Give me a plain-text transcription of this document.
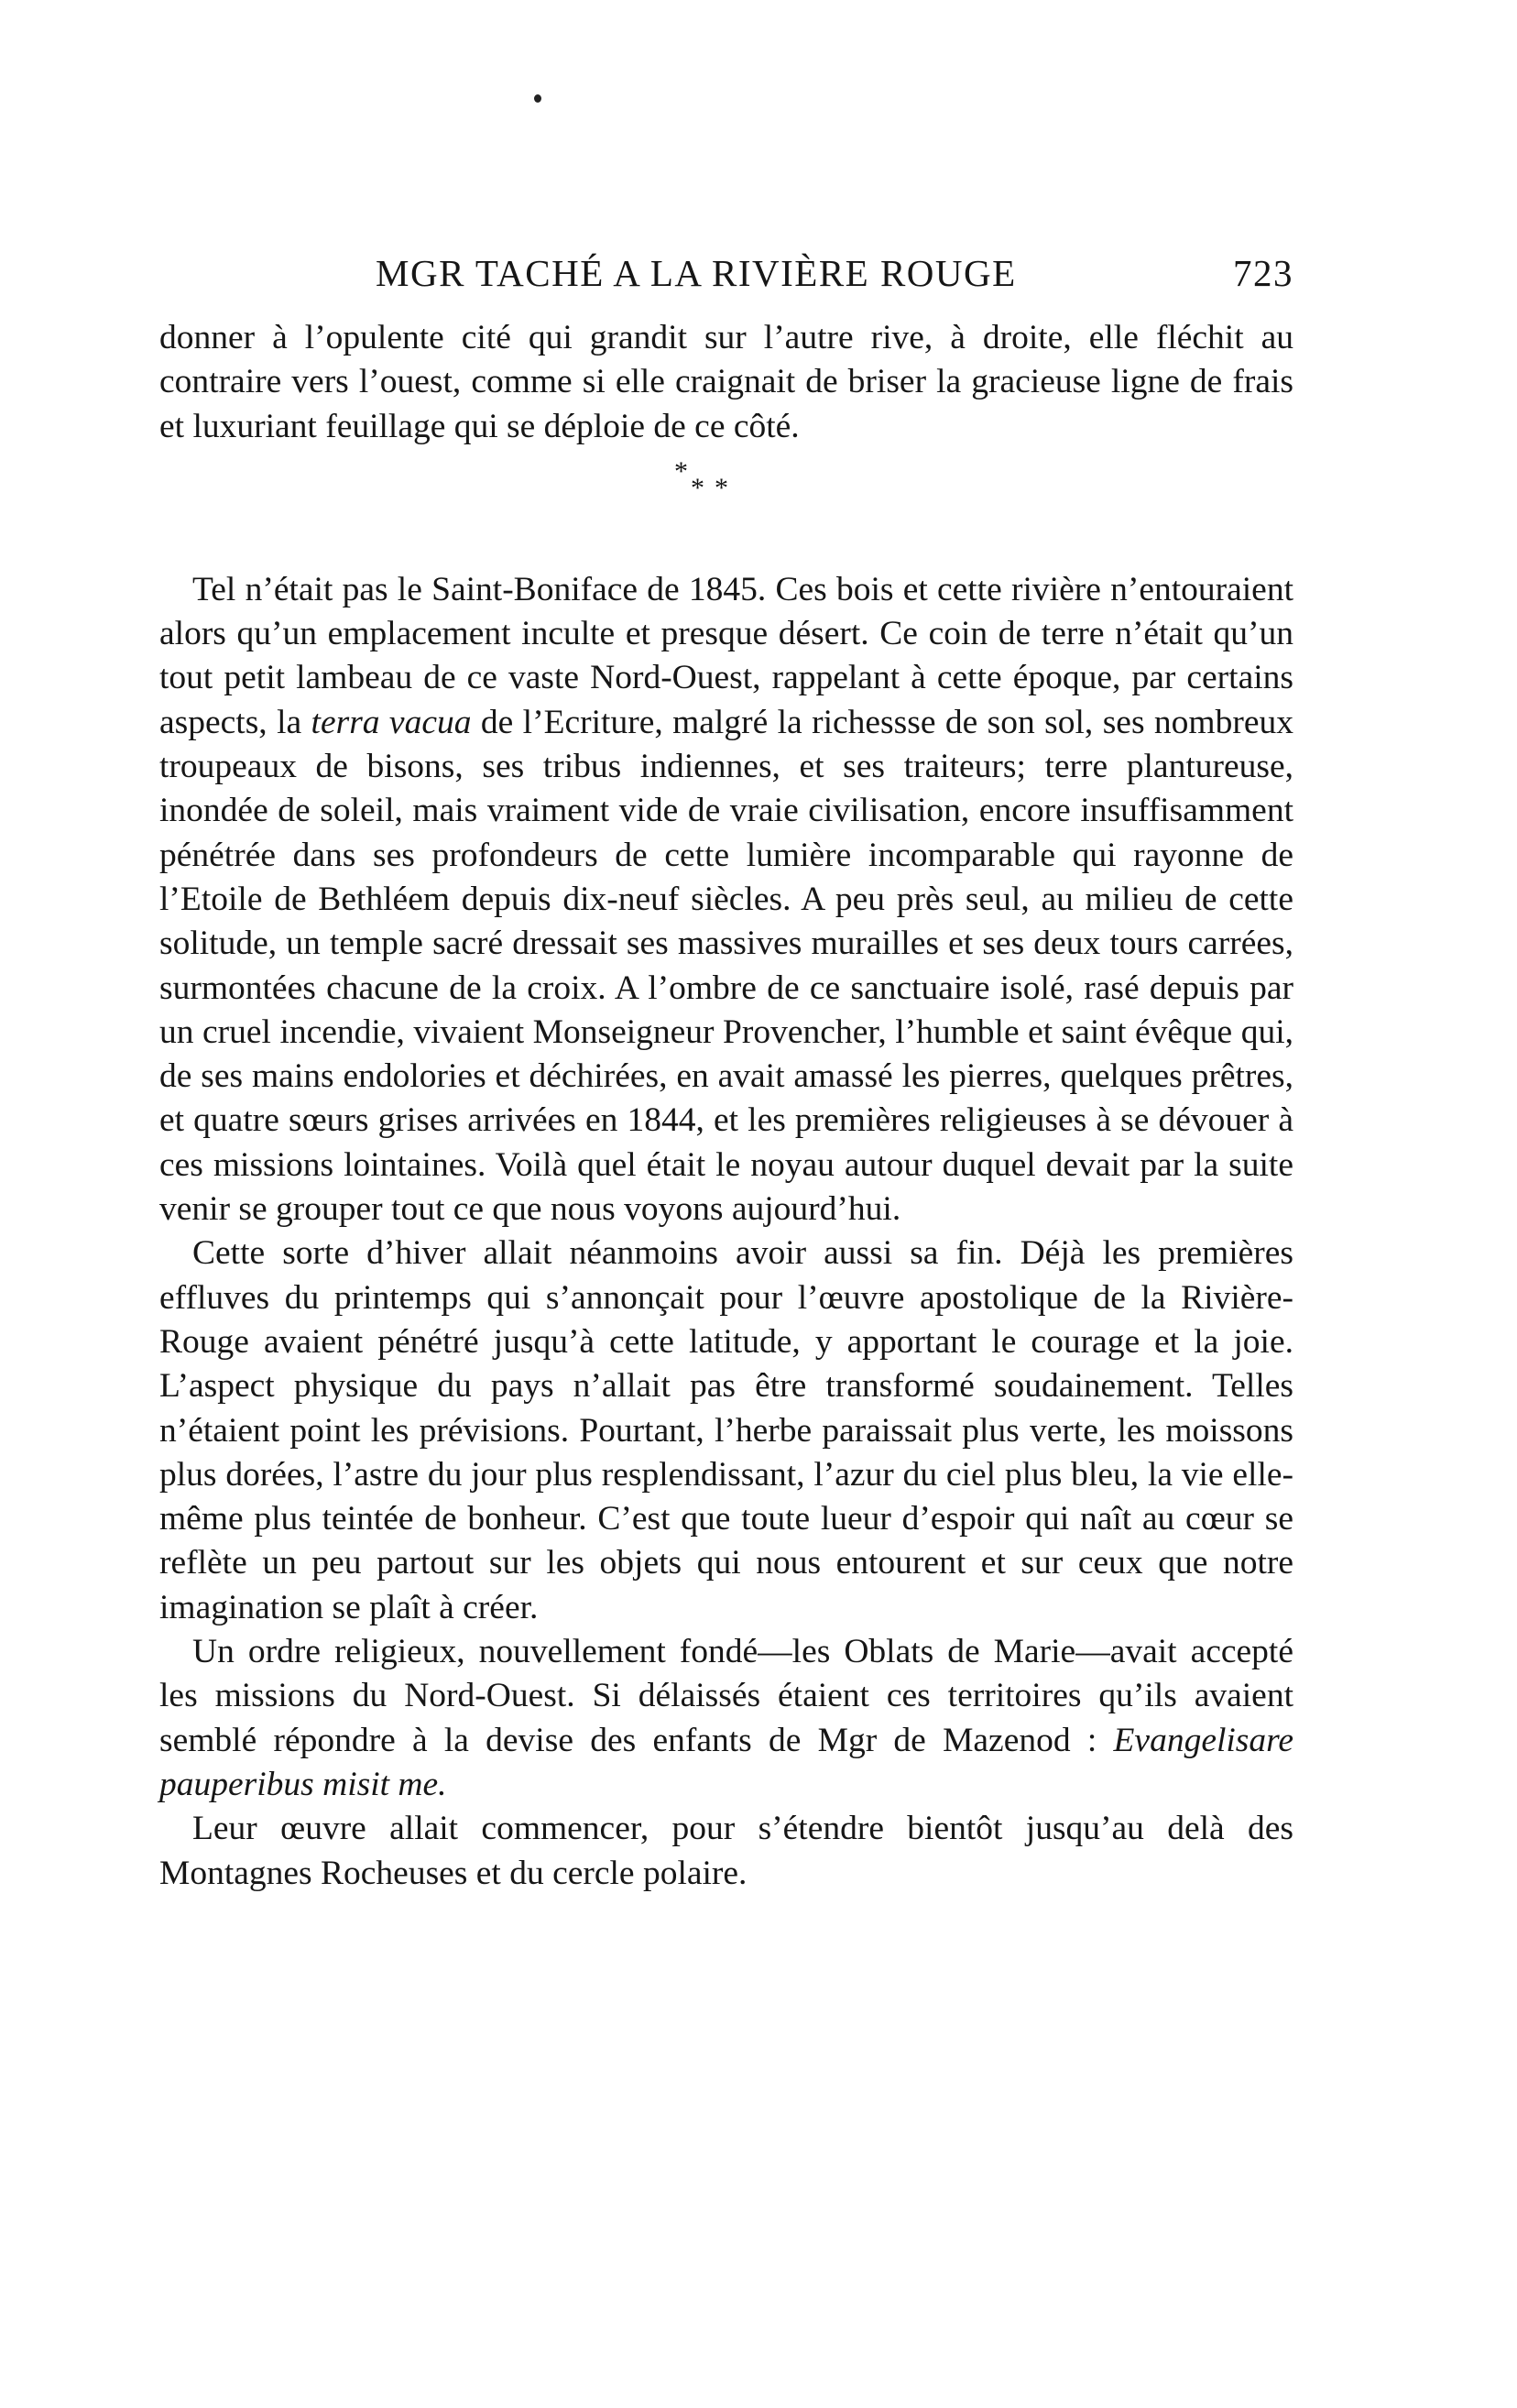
MGR TACHÉ A LA RIVIÈRE ROUGE	723

donner à l’opulente cité qui grandit sur l’autre rive, à droite, elle fléchit au contraire vers l’ouest, comme si elle craignait de briser la gracieuse ligne de frais et luxuriant feuillage qui se déploie de ce côté.

*
* *

Tel n’était pas le Saint-Boniface de 1845. Ces bois et cette rivière n’entouraient alors qu’un emplacement inculte et presque désert. Ce coin de terre n’était qu’un tout petit lambeau de ce vaste Nord-Ouest, rappelant à cette époque, par certains aspects, la terra vacua de l’Ecriture, malgré la richessse de son sol, ses nombreux troupeaux de bisons, ses tribus indiennes, et ses traiteurs; terre plantureuse, inondée de soleil, mais vraiment vide de vraie civilisation, encore insuffisamment pénétrée dans ses profondeurs de cette lumière incomparable qui rayonne de l’Etoile de Bethléem depuis dix-neuf siècles. A peu près seul, au milieu de cette solitude, un temple sacré dressait ses massives murailles et ses deux tours carrées, surmontées chacune de la croix. A l’ombre de ce sanctuaire isolé, rasé depuis par un cruel incendie, vivaient Monseigneur Provencher, l’humble et saint évêque qui, de ses mains endolories et déchirées, en avait amassé les pierres, quelques prêtres, et quatre sœurs grises arrivées en 1844, et les premières religieuses à se dévouer à ces missions lointaines. Voilà quel était le noyau autour duquel devait par la suite venir se grouper tout ce que nous voyons aujourd’hui.

Cette sorte d’hiver allait néanmoins avoir aussi sa fin. Déjà les premières effluves du printemps qui s’annonçait pour l’œuvre apostolique de la Rivière-Rouge avaient pénétré jusqu’à cette latitude, y apportant le courage et la joie. L’aspect physique du pays n’allait pas être transformé soudainement. Telles n’étaient point les prévisions. Pourtant, l’herbe paraissait plus verte, les moissons plus dorées, l’astre du jour plus resplendissant, l’azur du ciel plus bleu, la vie elle-même plus teintée de bonheur. C’est que toute lueur d’espoir qui naît au cœur se reflète un peu partout sur les objets qui nous entourent et sur ceux que notre imagination se plaît à créer.

Un ordre religieux, nouvellement fondé—les Oblats de Marie—avait accepté les missions du Nord-Ouest. Si délaissés étaient ces territoires qu’ils avaient semblé répondre à la devise des enfants de Mgr de Mazenod : Evangelisare pauperibus misit me.

Leur œuvre allait commencer, pour s’étendre bientôt jusqu’au delà des Montagnes Rocheuses et du cercle polaire.
